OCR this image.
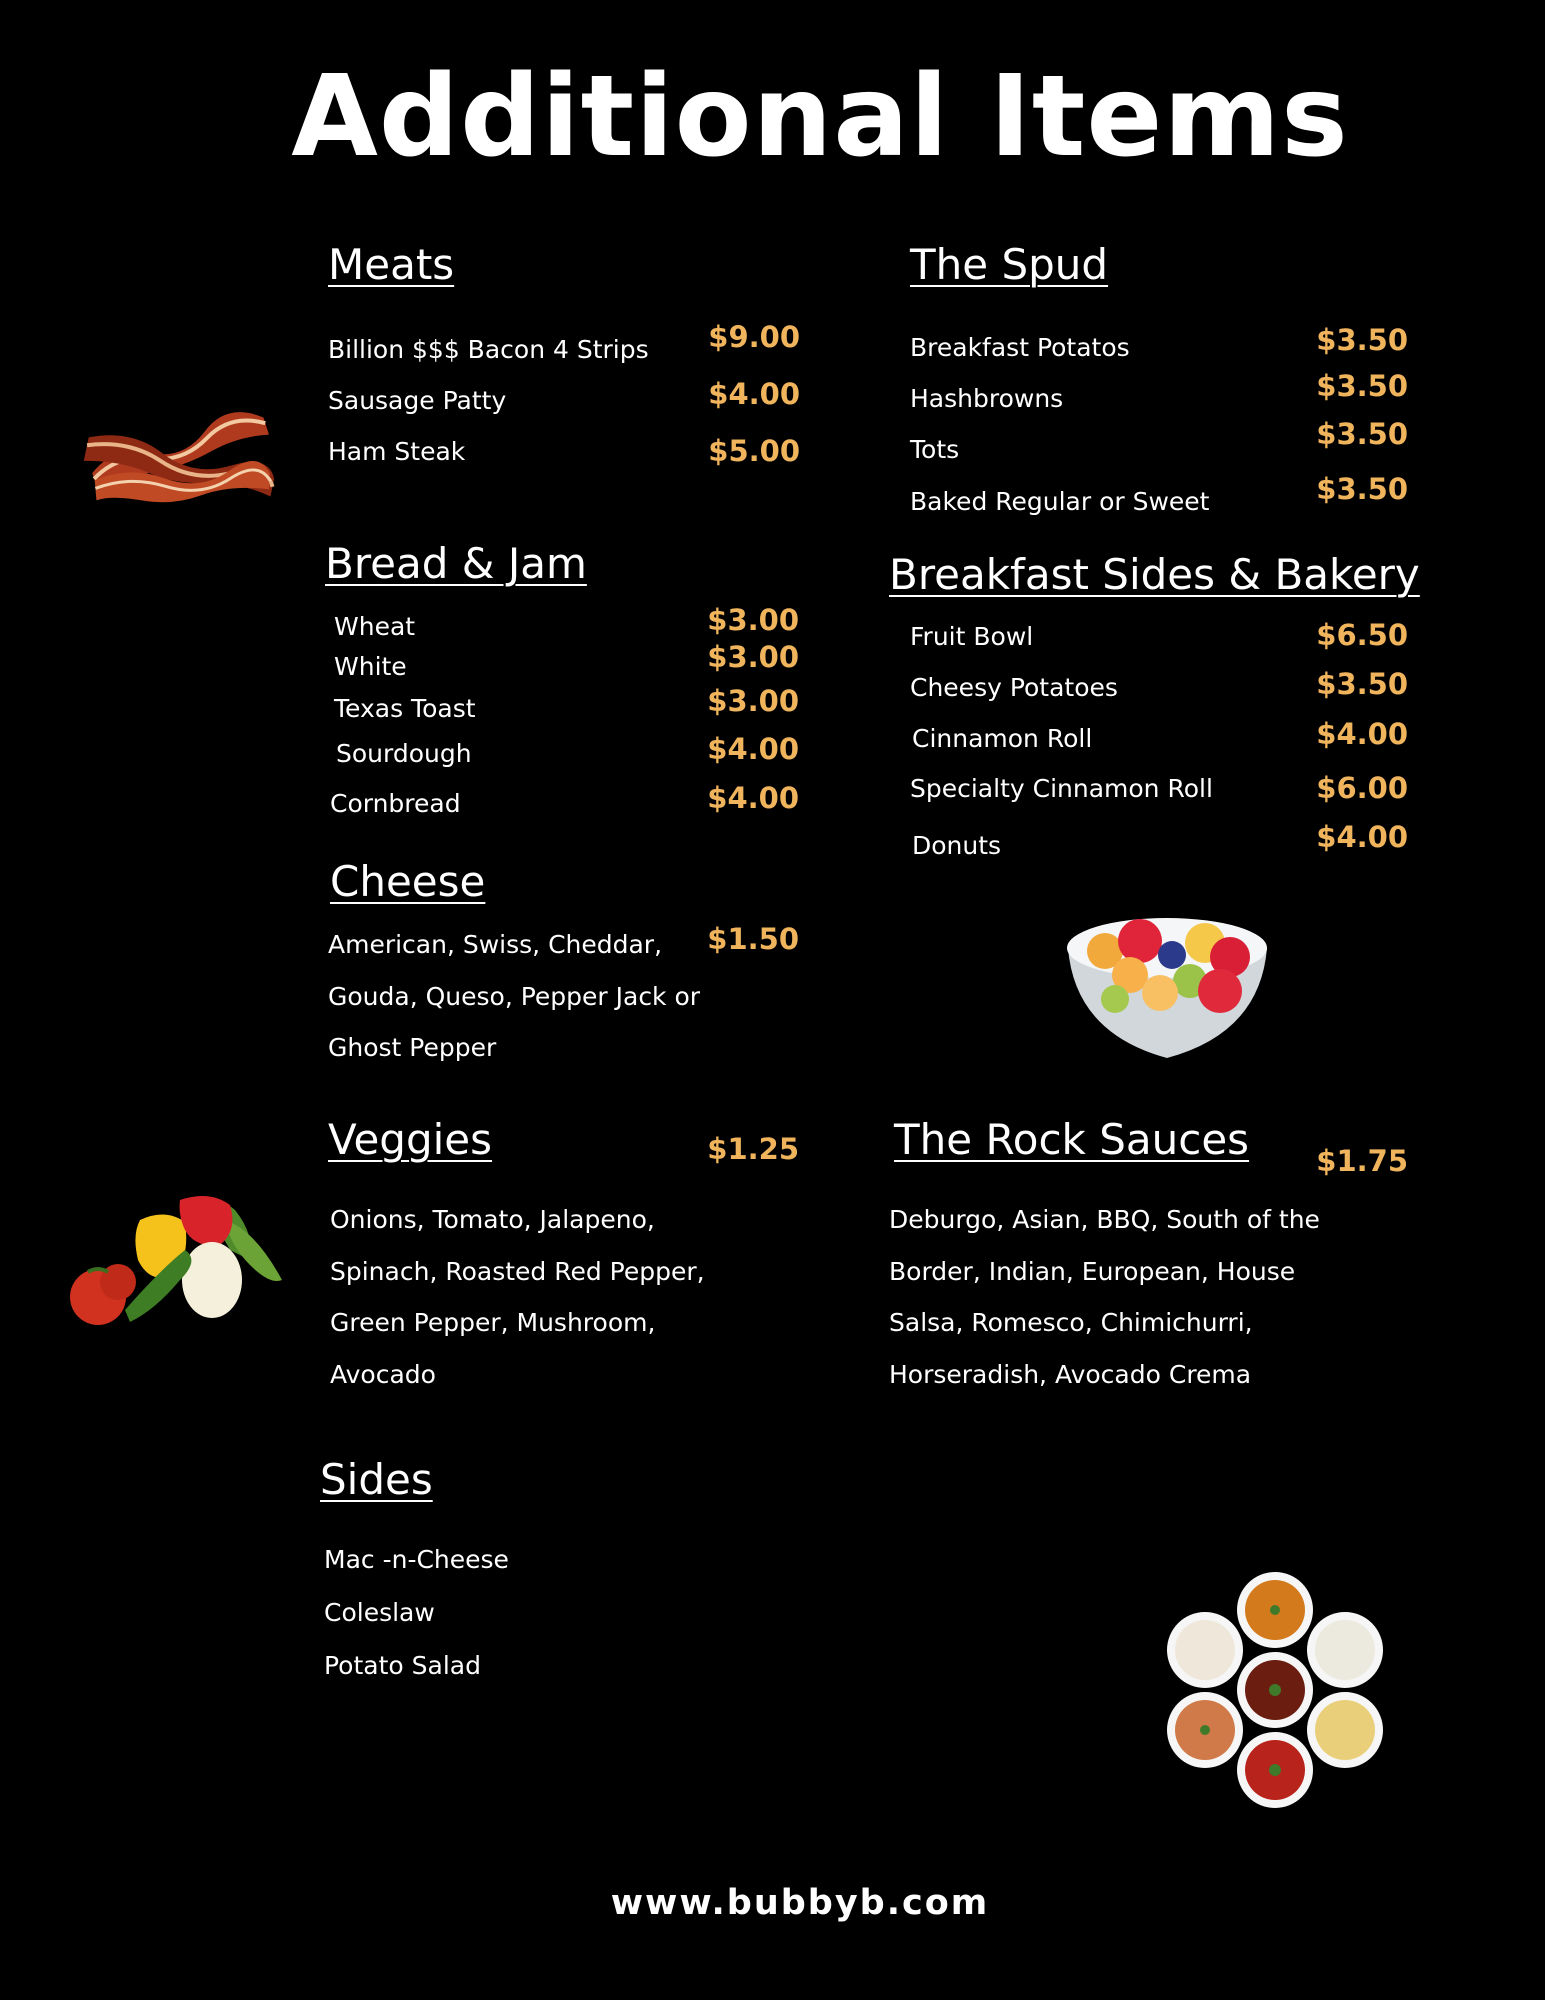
Additional Items
Meats
Billion $$$ Bacon 4 Strips	$9.00
Sausage Patty	$4.00
Ham Steak	$5.00
The Spud
Breakfast Potatos	$3.50
Hashbrowns	$3.50
Tots	$3.50
Baked Regular or Sweet	$3.50
Bread & Jam
Wheat	$3.00
White	$3.00
Texas Toast	$3.00
Sourdough	$4.00
Cornbread	$4.00
Breakfast Sides & Bakery
Fruit Bowl	$6.50
Cheesy Potatoes	$3.50
Cinnamon Roll	$4.00
Specialty Cinnamon Roll	$6.00
Donuts	$4.00
Cheese
$1.50
American, Swiss, Cheddar,
Gouda, Queso, Pepper Jack or
Ghost Pepper
Veggies	$1.25
Onions, Tomato, Jalapeno,
Spinach, Roasted Red Pepper,
Green Pepper, Mushroom,
Avocado
The Rock Sauces	$1.75
Deburgo, Asian, BBQ, South of the
Border, Indian, European, House
Salsa, Romesco, Chimichurri,
Horseradish, Avocado Crema
Sides
Mac -n-Cheese
Coleslaw
Potato Salad
www.bubbyb.com
